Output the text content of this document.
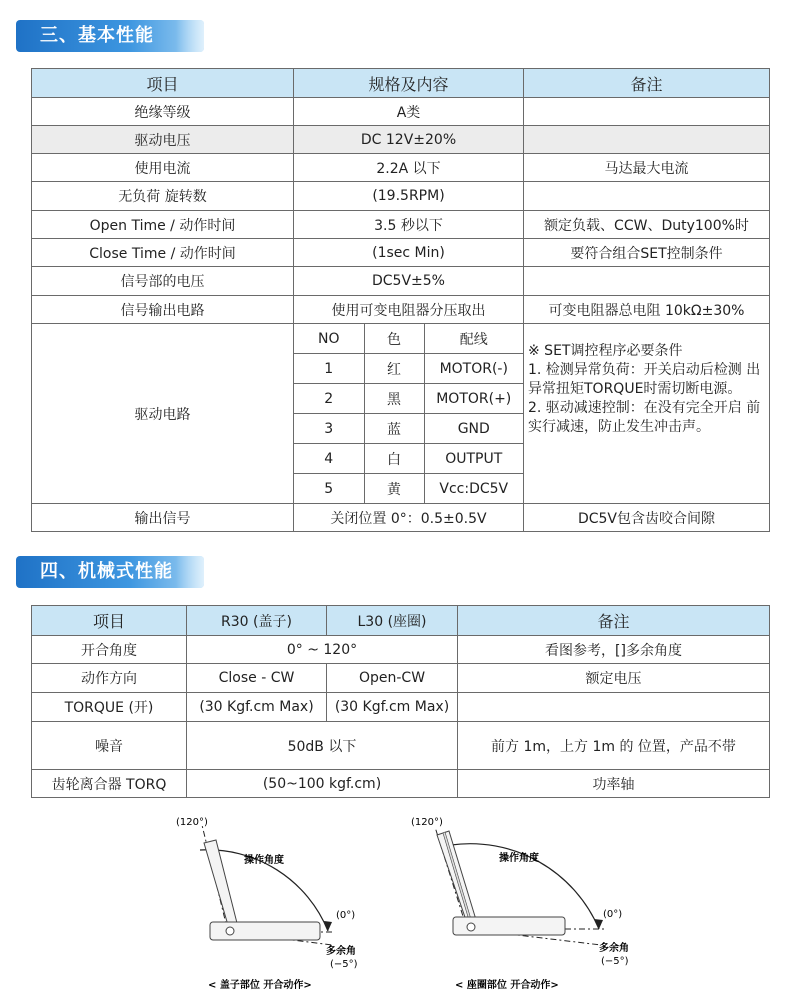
三、基本性能
项目	规格及内容	备注
绝缘等级	A类	
驱动电压	DC 12V±20%	
使用电流	2.2A 以下	马达最大电流
无负荷 旋转数	(19.5RPM)	
Open Time / 动作时间	3.5 秒以下	额定负载、CCW、Duty100%时
Close Time / 动作时间	(1sec Min)	要符合组合SET控制条件
信号部的电压	DC5V±5%	
信号输出电路	使用可变电阻器分压取出	可变电阻器总电阻 10kΩ±30%
驱动电路	
NO	色	配线
1	红	MOTOR(-)
2	黑	MOTOR(+)
3	蓝	GND
4	白	OUTPUT
5	黄	Vcc:DC5V

※ SET调控程序必要条件
1. 检测异常负荷：开关启动后检测 出异常扭矩TORQUE时需切断电源。
2. 驱动减速控制：在没有完全开启 前实行减速，防止发生冲击声。

输出信号	关闭位置 0°：0.5±0.5V	DC5V包含齿咬合间隙
四、机械式性能
项目	R30 (盖子)	L30 (座圈)	备注
开合角度	0° ~ 120°		看图参考，[]多余角度
动作方向	Close - CW	Open-CW	额定电压
TORQUE (开)	(30 Kgf.cm Max)	(30 Kgf.cm Max)	
噪音	50dB 以下		前方 1m，上方 1m 的 位置，产品不带
齿轮离合器 TORQ	(50~100 kgf.cm)		功率轴
(120°)
操作角度
(0°)
多余角
(−5°)
< 盖子部位 开合动作>
(120°)
操作角度
(0°)
多余角
(−5°)
< 座圈部位 开合动作>
